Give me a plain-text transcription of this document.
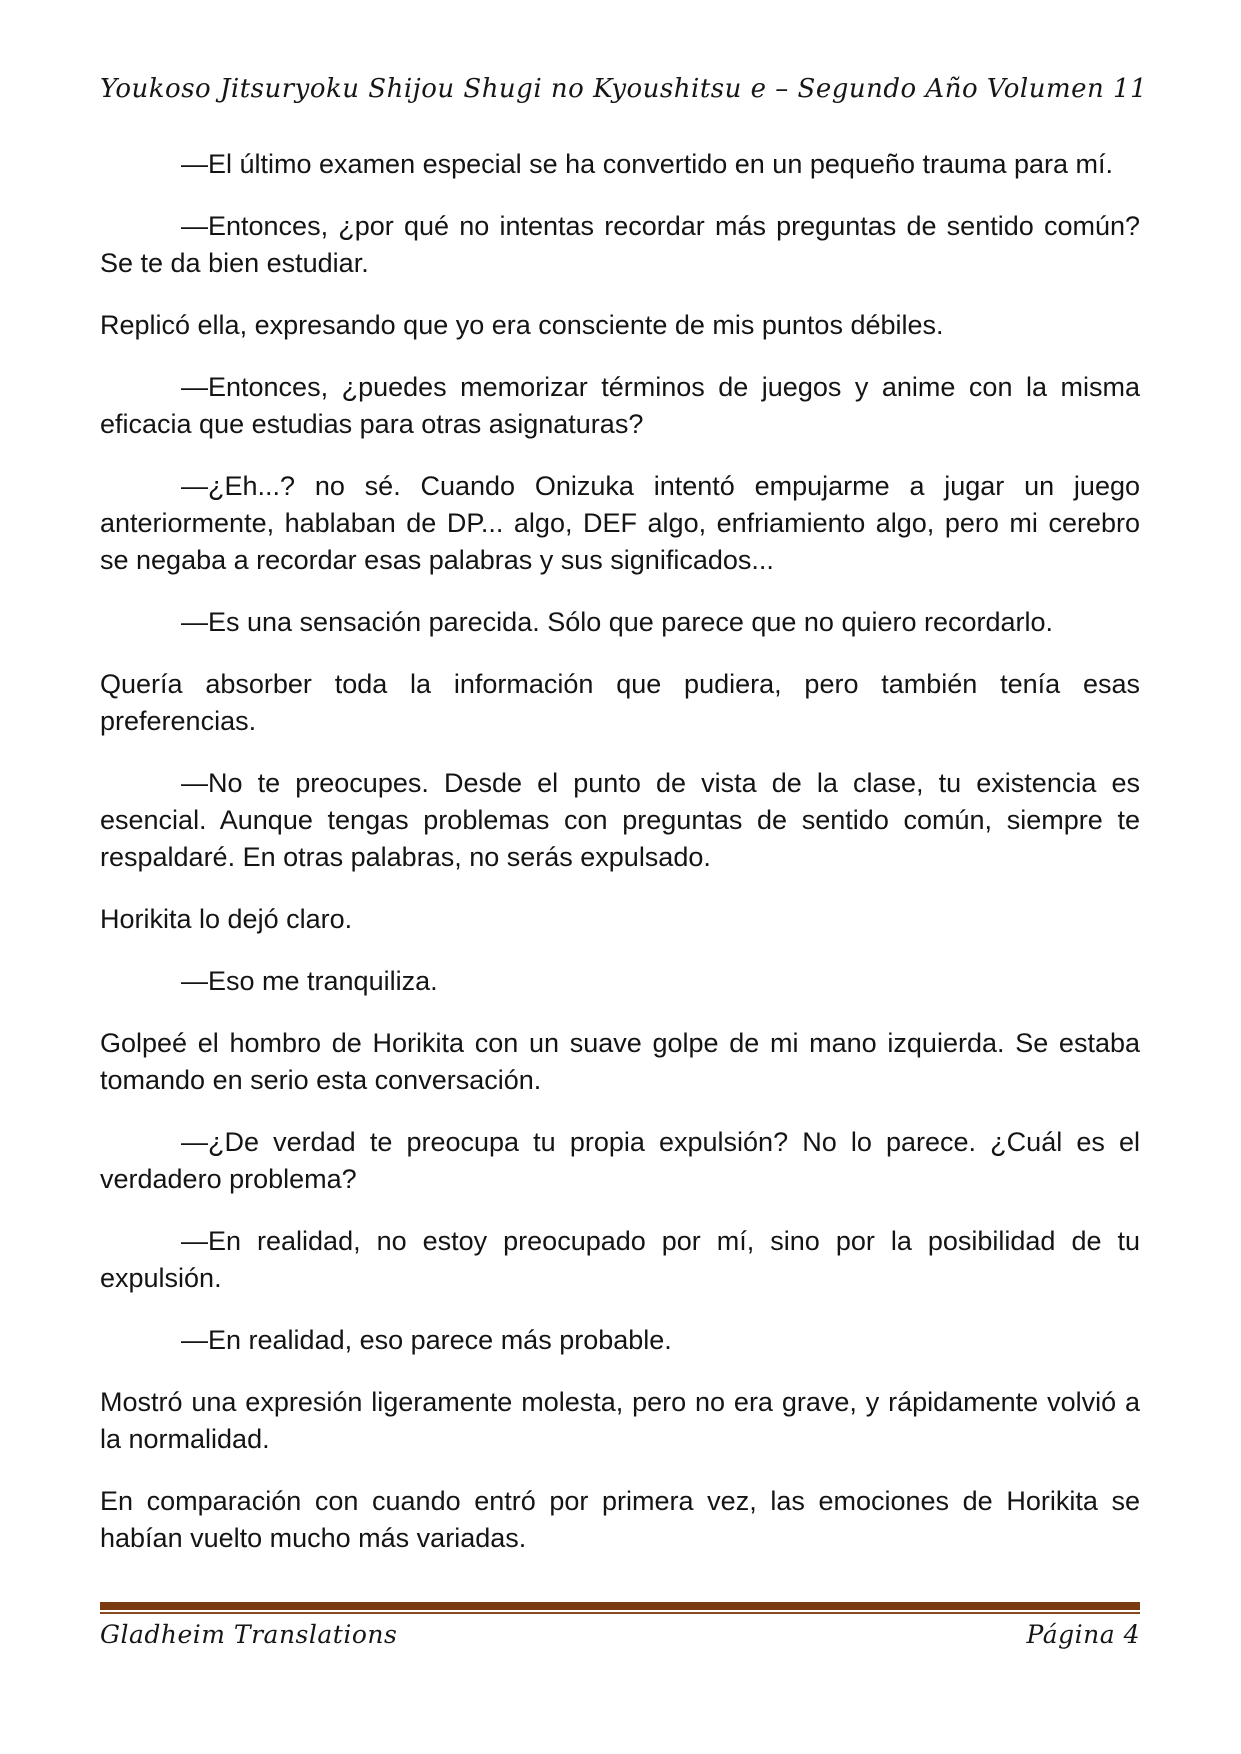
Youkoso Jitsuryoku Shijou Shugi no Kyoushitsu e – Segundo Año Volumen 11

—El último examen especial se ha convertido en un pequeño trauma para mí.

—Entonces, ¿por qué no intentas recordar más preguntas de sentido común? Se te da bien estudiar.

Replicó ella, expresando que yo era consciente de mis puntos débiles.

—Entonces, ¿puedes memorizar términos de juegos y anime con la misma eficacia que estudias para otras asignaturas?

—¿Eh...? no sé. Cuando Onizuka intentó empujarme a jugar un juego anteriormente, hablaban de DP... algo, DEF algo, enfriamiento algo, pero mi cerebro se negaba a recordar esas palabras y sus significados...

—Es una sensación parecida. Sólo que parece que no quiero recordarlo.

Quería absorber toda la información que pudiera, pero también tenía esas preferencias.

—No te preocupes. Desde el punto de vista de la clase, tu existencia es esencial. Aunque tengas problemas con preguntas de sentido común, siempre te respaldaré. En otras palabras, no serás expulsado.

Horikita lo dejó claro.

—Eso me tranquiliza.

Golpeé el hombro de Horikita con un suave golpe de mi mano izquierda. Se estaba tomando en serio esta conversación.

—¿De verdad te preocupa tu propia expulsión? No lo parece. ¿Cuál es el verdadero problema?

—En realidad, no estoy preocupado por mí, sino por la posibilidad de tu expulsión.

—En realidad, eso parece más probable.

Mostró una expresión ligeramente molesta, pero no era grave, y rápidamente volvió a la normalidad.

En comparación con cuando entró por primera vez, las emociones de Horikita se habían vuelto mucho más variadas.

Gladheim Translations	Página 4
